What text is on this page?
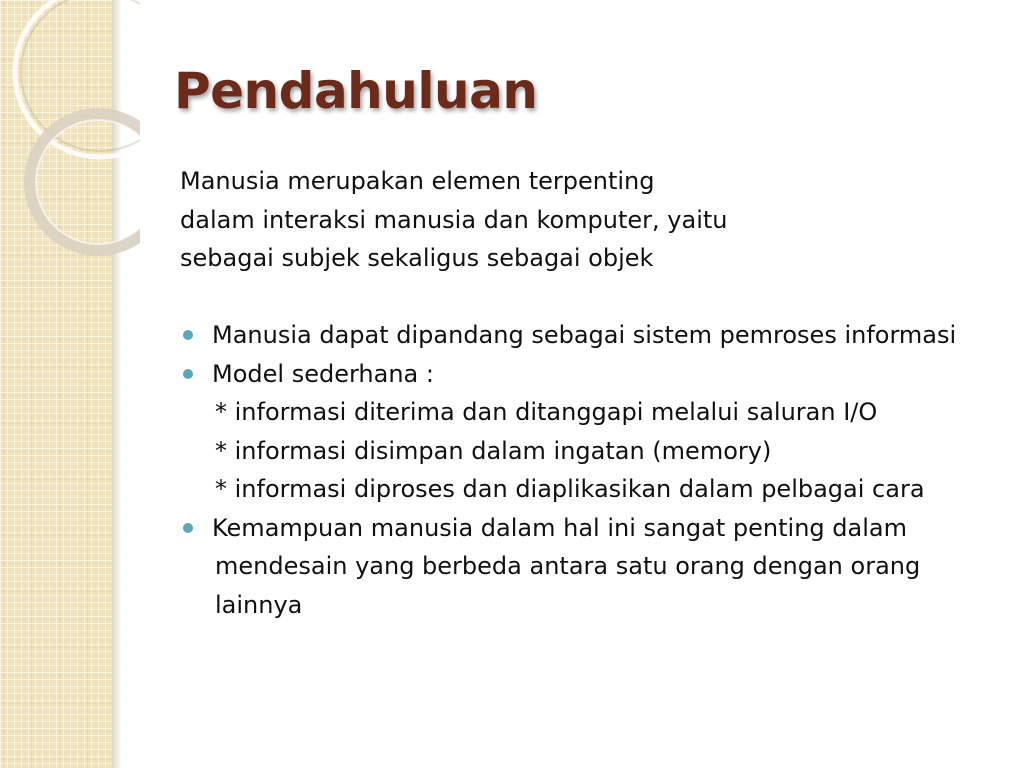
Pendahuluan
Manusia merupakan elemen terpenting
dalam interaksi manusia dan komputer, yaitu
sebagai subjek sekaligus sebagai objek
Manusia dapat dipandang sebagai sistem pemroses informasi
Model sederhana :
* informasi diterima dan ditanggapi melalui saluran I/O
* informasi disimpan dalam ingatan (memory)
* informasi diproses dan diaplikasikan dalam pelbagai cara
Kemampuan manusia dalam hal ini sangat penting dalam
mendesain yang berbeda antara satu orang dengan orang
lainnya
